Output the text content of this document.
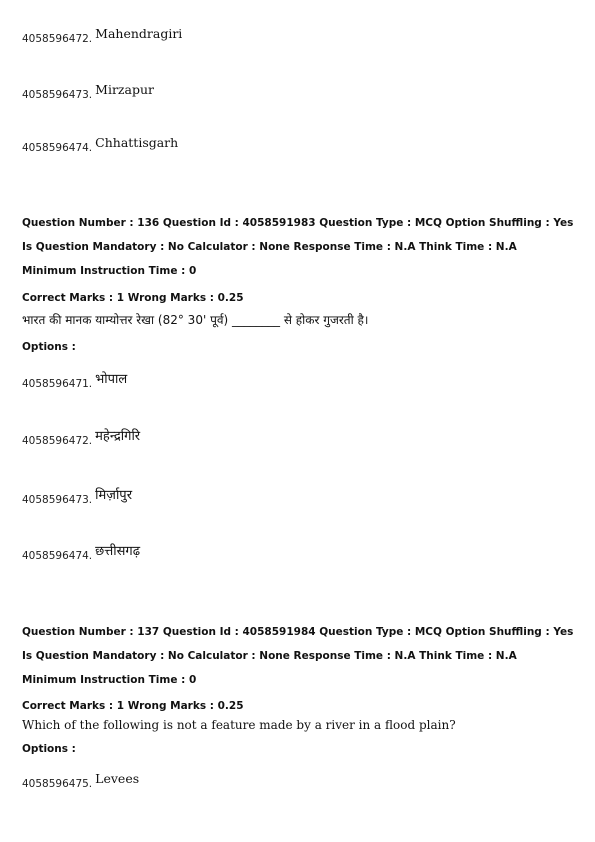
4058596472. $^{Mahendragiri}$
4058596473. $^{Mirzapur}$
4058596474. $^{Chhattisgarh}$
Question Number : 136 Question Id : 4058591983 Question Type : MCQ Option Shuffling : Yes
Is Question Mandatory : No Calculator : None Response Time : N.A Think Time : N.A
Minimum Instruction Time : 0
Correct Marks : 1 Wrong Marks : 0.25
भारत की मानक याम्योत्तर रेखा (82° 30' पूर्व) ________ से होकर गुजरती है।
Options :
4058596471. $^{भोपाल}$
4058596472. $^{महेन्द्रगिरि}$
4058596473. $^{मिर्ज़ापुर}$
4058596474. $^{छत्तीसगढ़}$
Question Number : 137 Question Id : 4058591984 Question Type : MCQ Option Shuffling : Yes
Is Question Mandatory : No Calculator : None Response Time : N.A Think Time : N.A
Minimum Instruction Time : 0
Correct Marks : 1 Wrong Marks : 0.25
Which of the following is not a feature made by a river in a flood plain?
Options :
4058596475. $^{Levees}$
